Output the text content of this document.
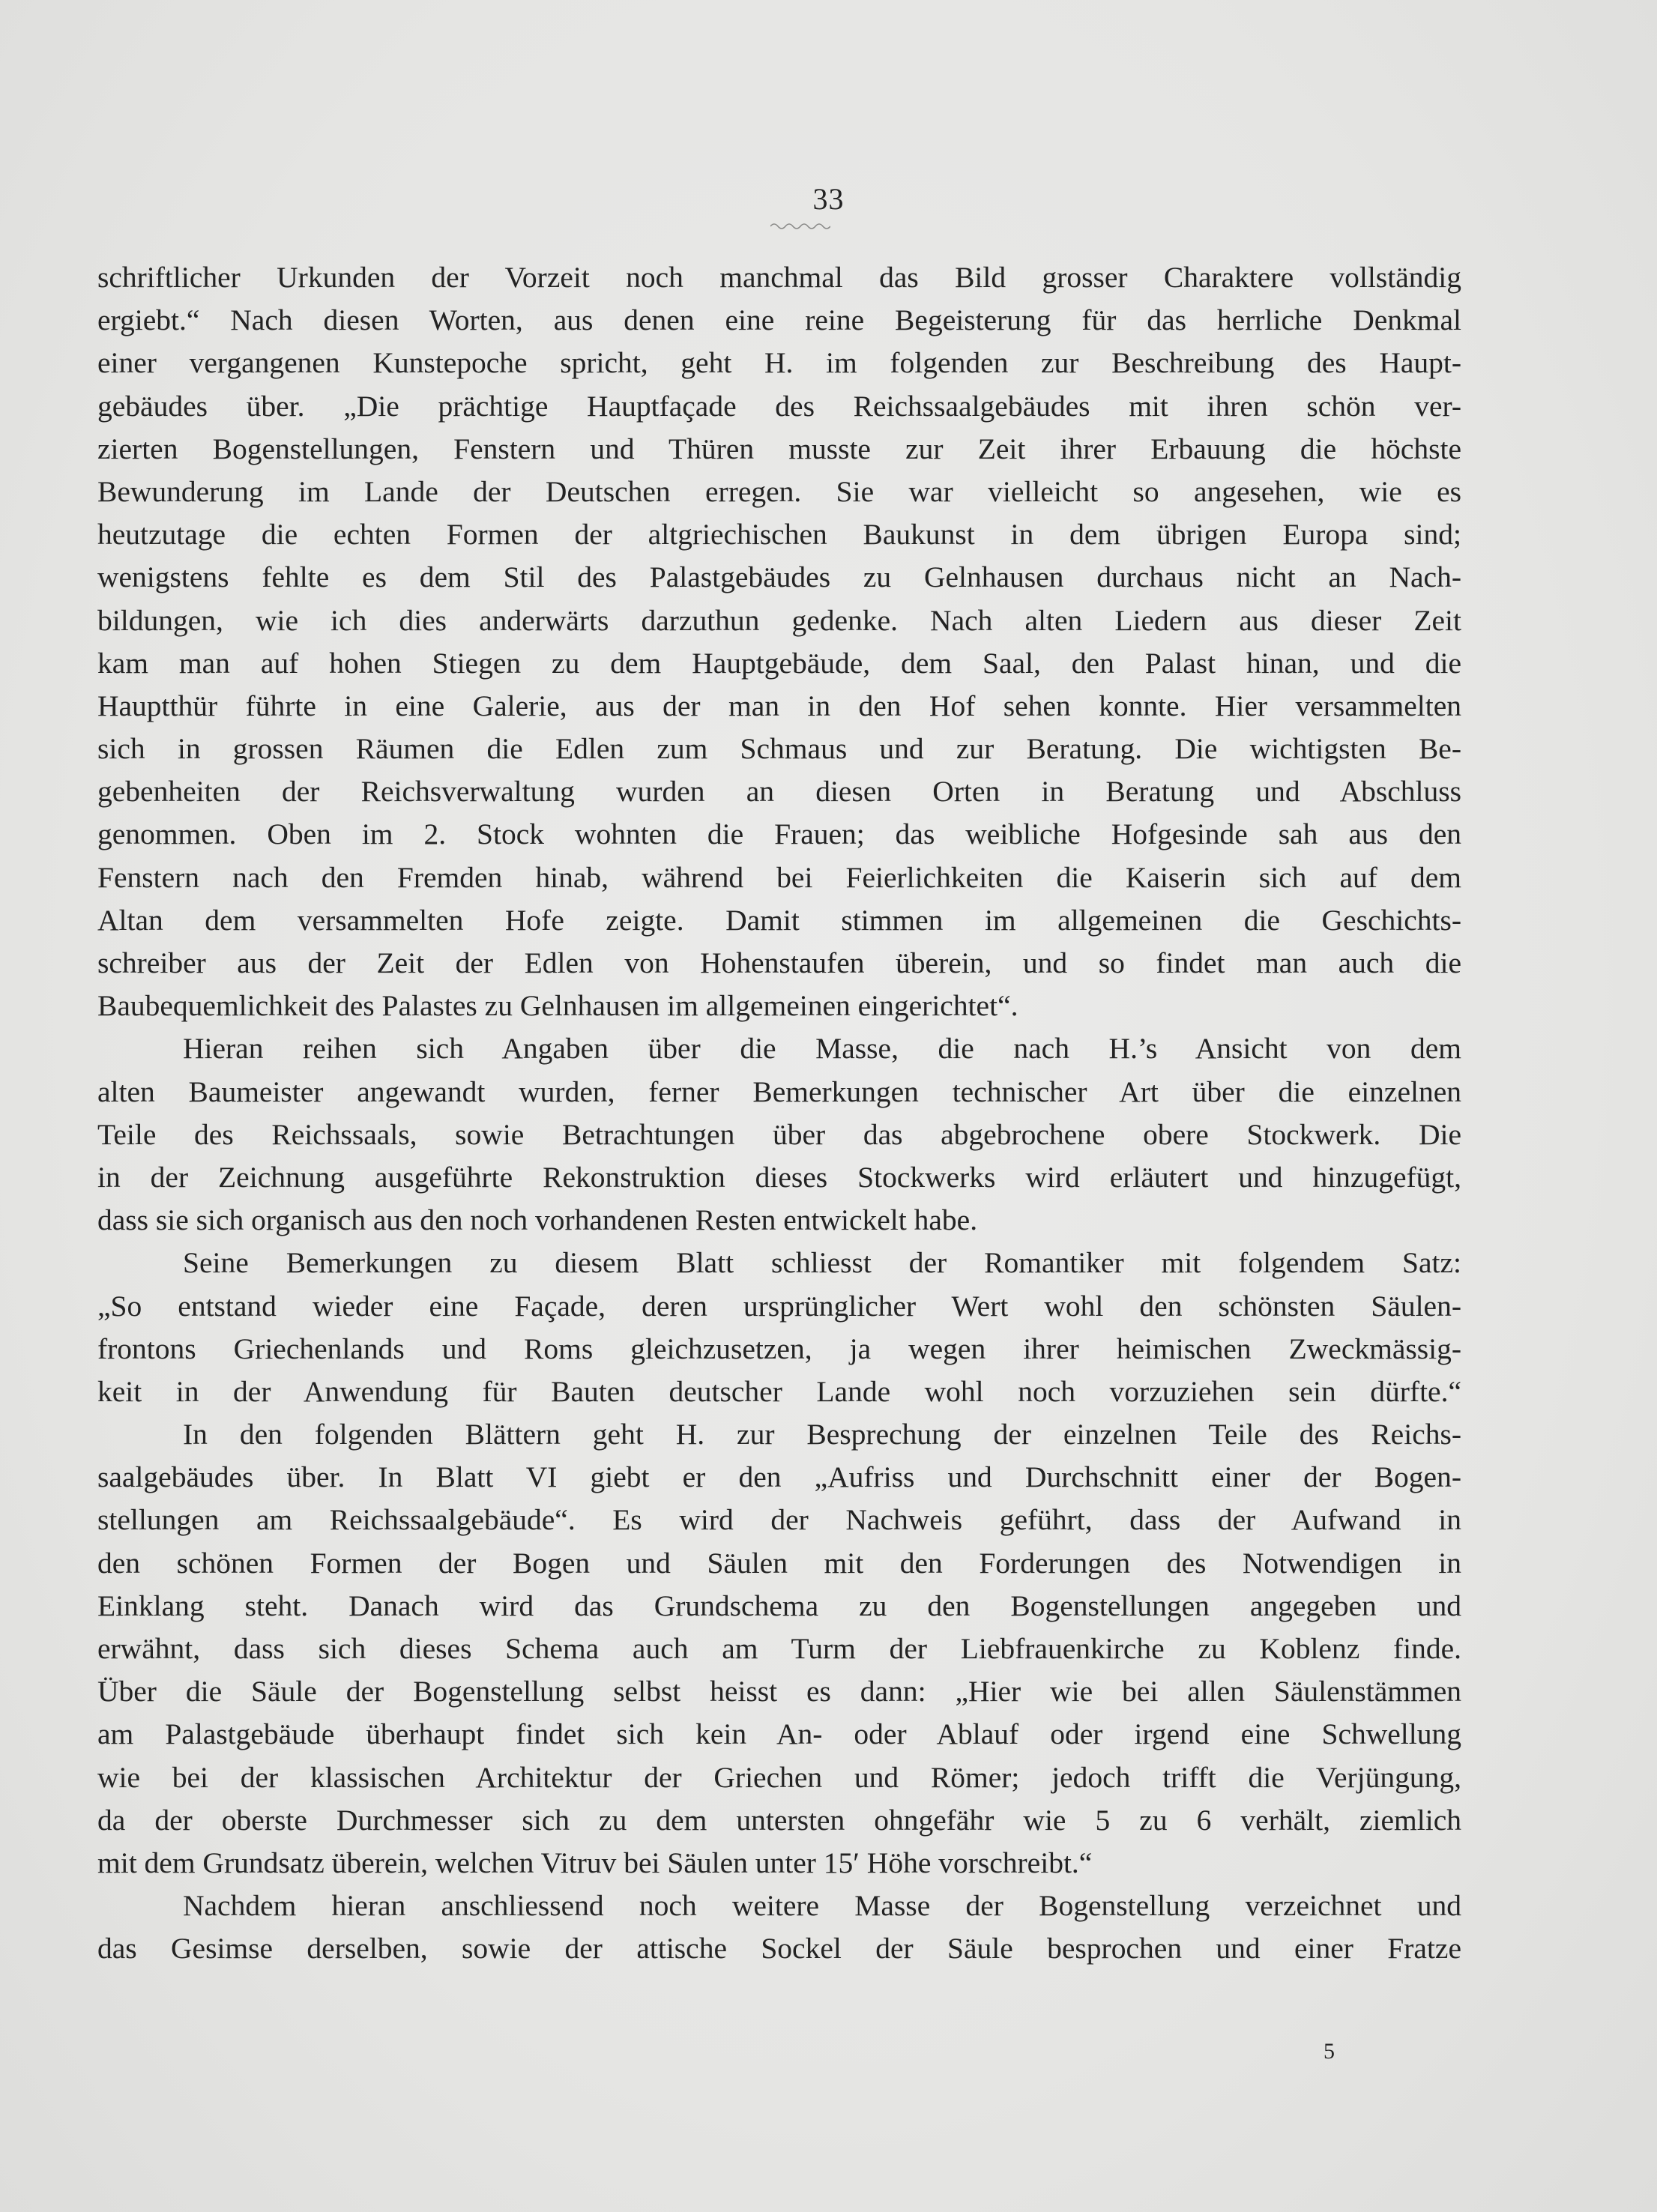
33
schriftlicher Urkunden der Vorzeit noch manchmal das Bild grosser Charaktere vollständig
ergiebt.“ Nach diesen Worten, aus denen eine reine Begeisterung für das herrliche Denkmal
einer vergangenen Kunstepoche spricht, geht H. im folgenden zur Beschreibung des Haupt-
gebäudes über. „Die prächtige Hauptfaçade des Reichssaalgebäudes mit ihren schön ver-
zierten Bogenstellungen, Fenstern und Thüren musste zur Zeit ihrer Erbauung die höchste
Bewunderung im Lande der Deutschen erregen. Sie war vielleicht so angesehen, wie es
heutzutage die echten Formen der altgriechischen Baukunst in dem übrigen Europa sind;
wenigstens fehlte es dem Stil des Palastgebäudes zu Gelnhausen durchaus nicht an Nach-
bildungen, wie ich dies anderwärts darzuthun gedenke. Nach alten Liedern aus dieser Zeit
kam man auf hohen Stiegen zu dem Hauptgebäude, dem Saal, den Palast hinan, und die
Hauptthür führte in eine Galerie, aus der man in den Hof sehen konnte. Hier versammelten
sich in grossen Räumen die Edlen zum Schmaus und zur Beratung. Die wichtigsten Be-
gebenheiten der Reichsverwaltung wurden an diesen Orten in Beratung und Abschluss
genommen. Oben im 2. Stock wohnten die Frauen; das weibliche Hofgesinde sah aus den
Fenstern nach den Fremden hinab, während bei Feierlichkeiten die Kaiserin sich auf dem
Altan dem versammelten Hofe zeigte. Damit stimmen im allgemeinen die Geschichts-
schreiber aus der Zeit der Edlen von Hohenstaufen überein, und so findet man auch die
Baubequemlichkeit des Palastes zu Gelnhausen im allgemeinen eingerichtet“.
Hieran reihen sich Angaben über die Masse, die nach H.’s Ansicht von dem
alten Baumeister angewandt wurden, ferner Bemerkungen technischer Art über die einzelnen
Teile des Reichssaals, sowie Betrachtungen über das abgebrochene obere Stockwerk. Die
in der Zeichnung ausgeführte Rekonstruktion dieses Stockwerks wird erläutert und hinzugefügt,
dass sie sich organisch aus den noch vorhandenen Resten entwickelt habe.
Seine Bemerkungen zu diesem Blatt schliesst der Romantiker mit folgendem Satz:
„So entstand wieder eine Façade, deren ursprünglicher Wert wohl den schönsten Säulen-
frontons Griechenlands und Roms gleichzusetzen, ja wegen ihrer heimischen Zweckmässig-
keit in der Anwendung für Bauten deutscher Lande wohl noch vorzuziehen sein dürfte.“
In den folgenden Blättern geht H. zur Besprechung der einzelnen Teile des Reichs-
saalgebäudes über. In Blatt VI giebt er den „Aufriss und Durchschnitt einer der Bogen-
stellungen am Reichssaalgebäude“. Es wird der Nachweis geführt, dass der Aufwand in
den schönen Formen der Bogen und Säulen mit den Forderungen des Notwendigen in
Einklang steht. Danach wird das Grundschema zu den Bogenstellungen angegeben und
erwähnt, dass sich dieses Schema auch am Turm der Liebfrauenkirche zu Koblenz finde.
Über die Säule der Bogenstellung selbst heisst es dann: „Hier wie bei allen Säulenstämmen
am Palastgebäude überhaupt findet sich kein An- oder Ablauf oder irgend eine Schwellung
wie bei der klassischen Architektur der Griechen und Römer; jedoch trifft die Verjüngung,
da der oberste Durchmesser sich zu dem untersten ohngefähr wie 5 zu 6 verhält, ziemlich
mit dem Grundsatz überein, welchen Vitruv bei Säulen unter 15′ Höhe vorschreibt.“
Nachdem hieran anschliessend noch weitere Masse der Bogenstellung verzeichnet und
das Gesimse derselben, sowie der attische Sockel der Säule besprochen und einer Fratze
5
